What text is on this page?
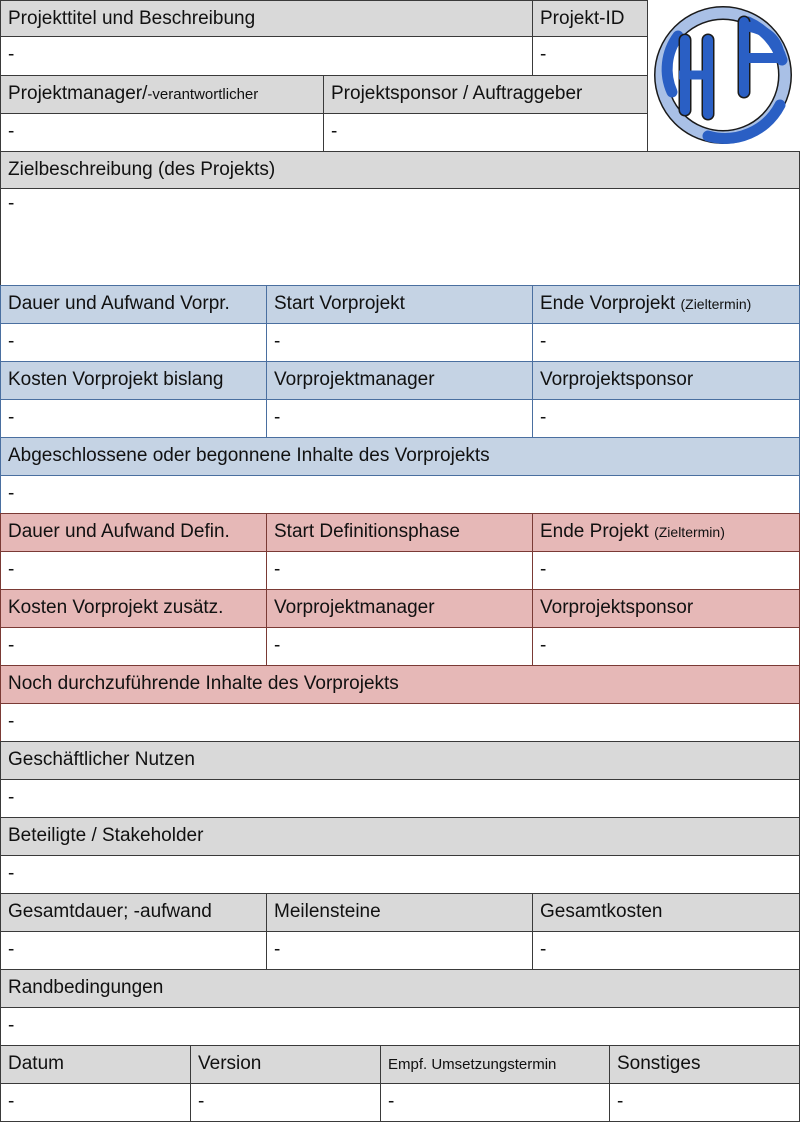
Projekttitel und Beschreibung	Projekt-ID
-	-
Projektmanager/-verantwortlicher	Projektsponsor / Auftraggeber
-	-
Zielbeschreibung (des Projekts)
-
Dauer und Aufwand Vorpr.	Start Vorprojekt	Ende Vorprojekt (Zieltermin)
-	-	-
Kosten Vorprojekt bislang	Vorprojektmanager	Vorprojektsponsor
-	-	-
Abgeschlossene oder begonnene Inhalte des Vorprojekts
-
Dauer und Aufwand Defin.	Start Definitionsphase	Ende Projekt (Zieltermin)
-	-	-
Kosten Vorprojekt zusätz.	Vorprojektmanager	Vorprojektsponsor
-	-	-
Noch durchzuführende Inhalte des Vorprojekts
-
Geschäftlicher Nutzen
-
Beteiligte / Stakeholder
-
Gesamtdauer; -aufwand	Meilensteine	Gesamtkosten
-	-	-
Randbedingungen
-
Datum	Version	Empf. Umsetzungstermin	Sonstiges
-	-	-	-
